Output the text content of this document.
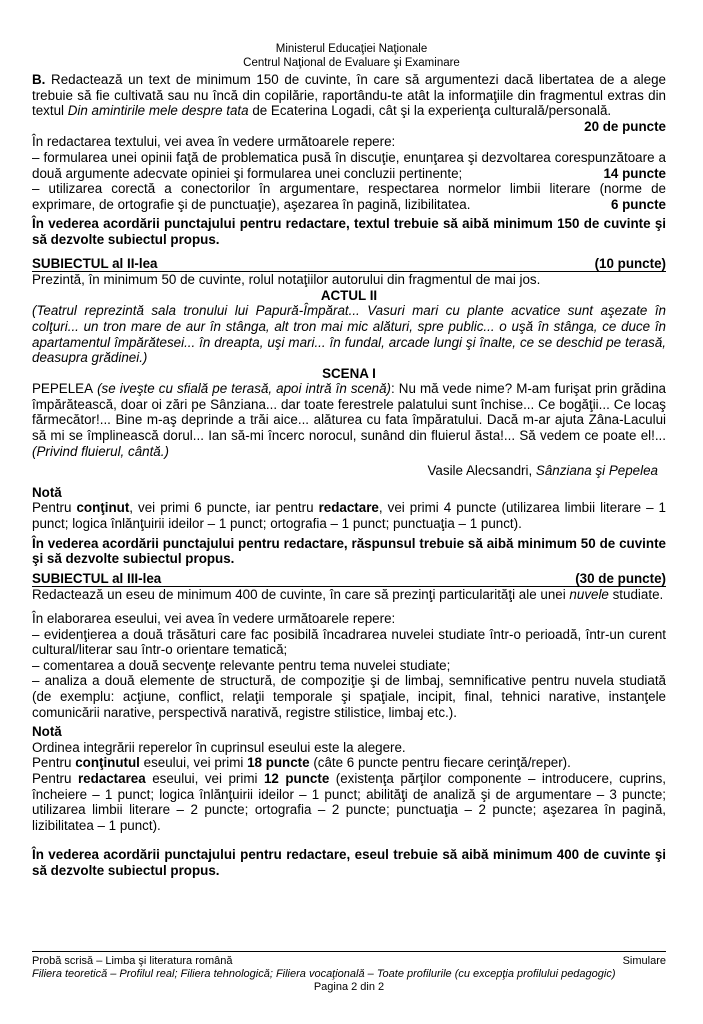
Ministerul Educaţiei Naţionale
Centrul Naţional de Evaluare şi Examinare

B. Redactează un text de minimum 150 de cuvinte, în care să argumentezi dacă libertatea de a alege trebuie să fie cultivată sau nu încă din copilărie, raportându-te atât la informaţiile din fragmentul extras din textul Din amintirile mele despre tata de Ecaterina Logadi, cât şi la experienţa culturală/personală.

20 de puncte

În redactarea textului, vei avea în vedere următoarele repere:

– formularea unei opinii faţă de problematica pusă în discuţie, enunţarea şi dezvoltarea corespunzătoare a două argumente adecvate opiniei şi formularea unei concluzii pertinente;	14 puncte

– utilizarea corectă a conectorilor în argumentare, respectarea normelor limbii literare (norme de exprimare, de ortografie şi de punctuaţie), aşezarea în pagină, lizibilitatea.	6 puncte

În vederea acordării punctajului pentru redactare, textul trebuie să aibă minimum 150 de cuvinte şi să dezvolte subiectul propus.

SUBIECTUL al II-lea	(10 puncte)

Prezintă, în minimum 50 de cuvinte, rolul notaţiilor autorului din fragmentul de mai jos.

ACTUL II

(Teatrul reprezintă sala tronului lui Papură-Împărat... Vasuri mari cu plante acvatice sunt aşezate în colţuri... un tron mare de aur în stânga, alt tron mai mic alături, spre public... o uşă în stânga, ce duce în apartamentul împărătesei... în dreapta, uşi mari... în fundal, arcade lungi şi înalte, ce se deschid pe terasă, deasupra grădinei.)

SCENA I

PEPELEA (se iveşte cu sfială pe terasă, apoi intră în scenă): Nu mă vede nime? M-am furişat prin grădina împărătească, doar oi zări pe Sânziana... dar toate ferestrele palatului sunt închise... Ce bogăţii... Ce locaş fărmecător!... Bine m-aş deprinde a trăi aice... alăturea cu fata împăratului. Dacă m-ar ajuta Zâna-Lacului să mi se împlinească dorul... Ian să-mi încerc norocul, sunând din fluierul ăsta!... Să vedem ce poate el!... (Privind fluierul, cântă.)

Vasile Alecsandri, Sânziana şi Pepelea

Notă

Pentru conţinut, vei primi 6 puncte, iar pentru redactare, vei primi 4 puncte (utilizarea limbii literare – 1 punct; logica înlănţuirii ideilor – 1 punct; ortografia – 1 punct; punctuaţia – 1 punct).

În vederea acordării punctajului pentru redactare, răspunsul trebuie să aibă minimum 50 de cuvinte şi să dezvolte subiectul propus.

SUBIECTUL al III-lea	(30 de puncte)

Redactează un eseu de minimum 400 de cuvinte, în care să prezinţi particularităţi ale unei nuvele studiate.

În elaborarea eseului, vei avea în vedere următoarele repere:

– evidenţierea a două trăsături care fac posibilă încadrarea nuvelei studiate într-o perioadă, într-un curent cultural/literar sau într-o orientare tematică;

– comentarea a două secvenţe relevante pentru tema nuvelei studiate;

– analiza a două elemente de structură, de compoziţie şi de limbaj, semnificative pentru nuvela studiată (de exemplu: acţiune, conflict, relaţii temporale şi spaţiale, incipit, final, tehnici narative, instanţele comunicării narative, perspectivă narativă, registre stilistice, limbaj etc.).

Notă

Ordinea integrării reperelor în cuprinsul eseului este la alegere.

Pentru conţinutul eseului, vei primi 18 puncte (câte 6 puncte pentru fiecare cerinţă/reper).

Pentru redactarea eseului, vei primi 12 puncte (existenţa părţilor componente – introducere, cuprins, încheiere – 1 punct; logica înlănţuirii ideilor – 1 punct; abilităţi de analiză şi de argumentare – 3 puncte; utilizarea limbii literare – 2 puncte; ortografia – 2 puncte; punctuaţia – 2 puncte; aşezarea în pagină, lizibilitatea – 1 punct).

În vederea acordării punctajului pentru redactare, eseul trebuie să aibă minimum 400 de cuvinte şi să dezvolte subiectul propus.

Probă scrisă – Limba şi literatura română	Simulare
Filiera teoretică – Profilul real; Filiera tehnologică; Filiera vocaţională – Toate profilurile (cu excepţia profilului pedagogic)
Pagina 2 din 2
